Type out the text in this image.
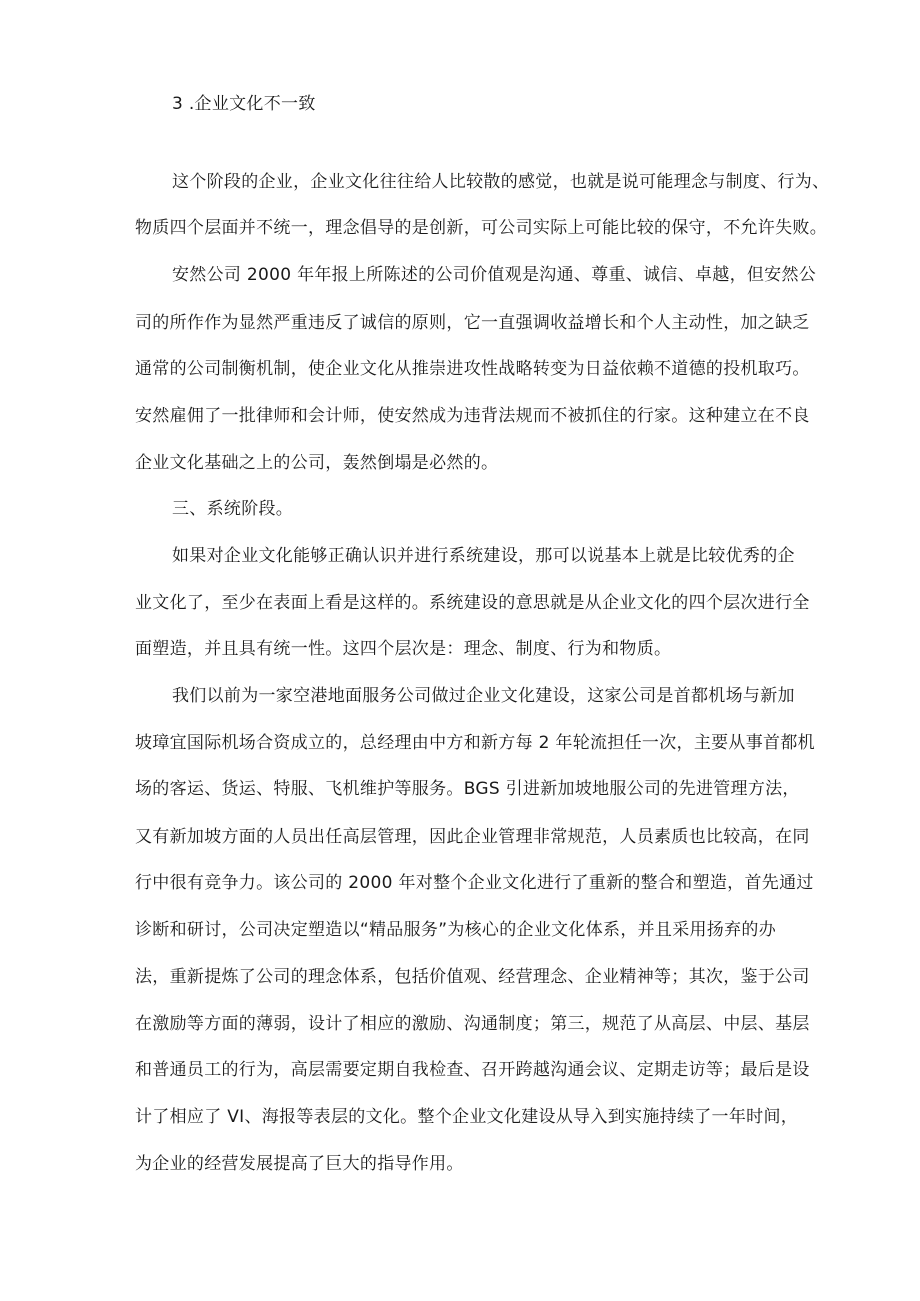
3 .企业文化不一致
这个阶段的企业，企业文化往往给人比较散的感觉，也就是说可能理念与制度、行为、
物质四个层面并不统一，理念倡导的是创新，可公司实际上可能比较的保守，不允许失败。
安然公司 2000 年年报上所陈述的公司价值观是沟通、尊重、诚信、卓越，但安然公
司的所作作为显然严重违反了诚信的原则，它一直强调收益增长和个人主动性，加之缺乏
通常的公司制衡机制，使企业文化从推崇进攻性战略转变为日益依赖不道德的投机取巧。
安然雇佣了一批律师和会计师，使安然成为违背法规而不被抓住的行家。这种建立在不良
企业文化基础之上的公司，轰然倒塌是必然的。
三、系统阶段。
如果对企业文化能够正确认识并进行系统建设，那可以说基本上就是比较优秀的企
业文化了，至少在表面上看是这样的。系统建设的意思就是从企业文化的四个层次进行全
面塑造，并且具有统一性。这四个层次是：理念、制度、行为和物质。
我们以前为一家空港地面服务公司做过企业文化建设，这家公司是首都机场与新加
坡璋宜国际机场合资成立的，总经理由中方和新方每 2 年轮流担任一次，主要从事首都机
场的客运、货运、特服、飞机维护等服务。BGS 引进新加坡地服公司的先进管理方法，
又有新加坡方面的人员出任高层管理，因此企业管理非常规范，人员素质也比较高，在同
行中很有竞争力。该公司的 2000 年对整个企业文化进行了重新的整合和塑造，首先通过
诊断和研讨，公司决定塑造以“精品服务”为核心的企业文化体系，并且采用扬弃的办
法，重新提炼了公司的理念体系，包括价值观、经营理念、企业精神等；其次，鉴于公司
在激励等方面的薄弱，设计了相应的激励、沟通制度；第三，规范了从高层、中层、基层
和普通员工的行为，高层需要定期自我检查、召开跨越沟通会议、定期走访等；最后是设
计了相应了 VI、海报等表层的文化。整个企业文化建设从导入到实施持续了一年时间，
为企业的经营发展提高了巨大的指导作用。
